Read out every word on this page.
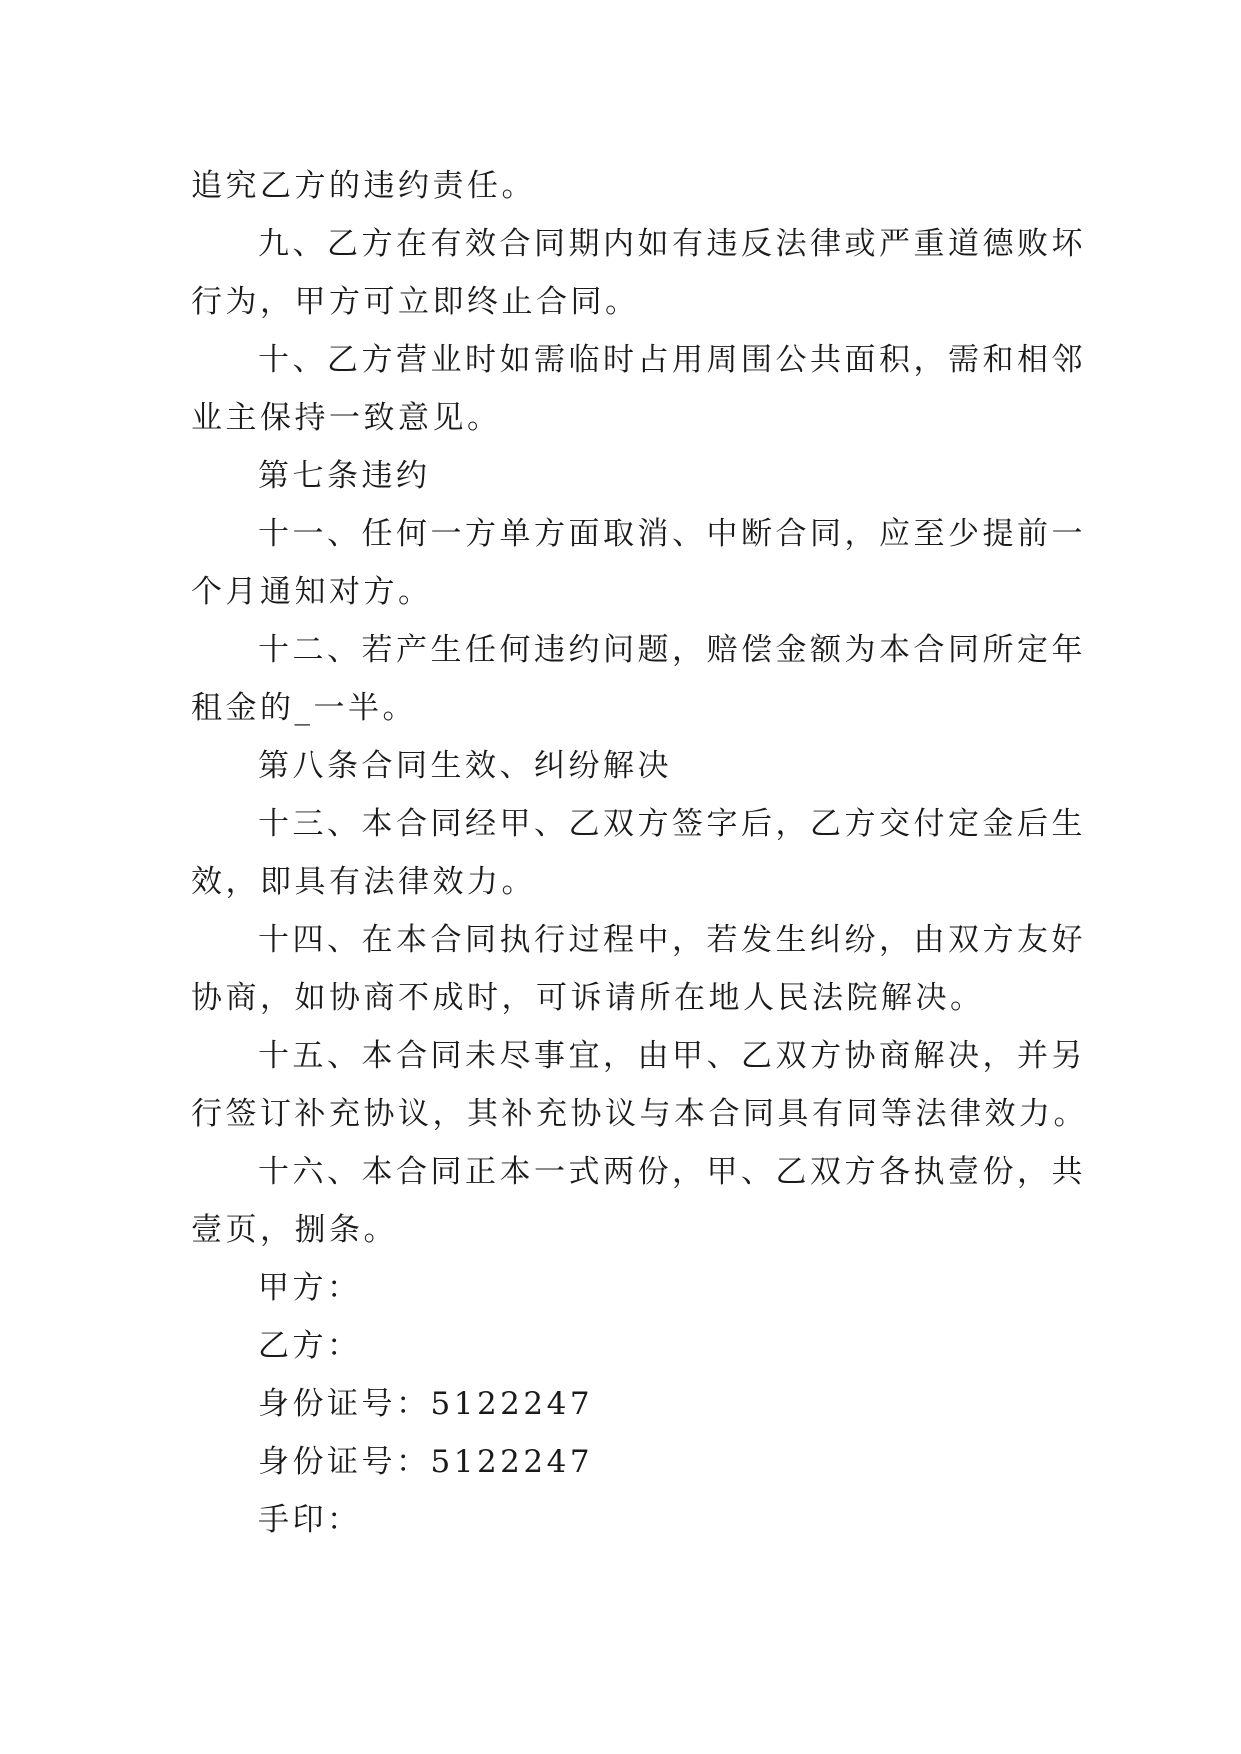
追究乙方的违约责任。
九、乙方在有效合同期内如有违反法律或严重道德败坏
行为，甲方可立即终止合同。
十、乙方营业时如需临时占用周围公共面积，需和相邻
业主保持一致意见。
第七条违约
十一、任何一方单方面取消、中断合同，应至少提前一
个月通知对方。
十二、若产生任何违约问题，赔偿金额为本合同所定年
租金的_一半。
第八条合同生效、纠纷解决
十三、本合同经甲、乙双方签字后，乙方交付定金后生
效，即具有法律效力。
十四、在本合同执行过程中，若发生纠纷，由双方友好
协商，如协商不成时，可诉请所在地人民法院解决。
十五、本合同未尽事宜，由甲、乙双方协商解决，并另
行签订补充协议，其补充协议与本合同具有同等法律效力。
十六、本合同正本一式两份，甲、乙双方各执壹份，共
壹页，捌条。
甲方：
乙方：
身份证号：5122247
身份证号：5122247
手印：
